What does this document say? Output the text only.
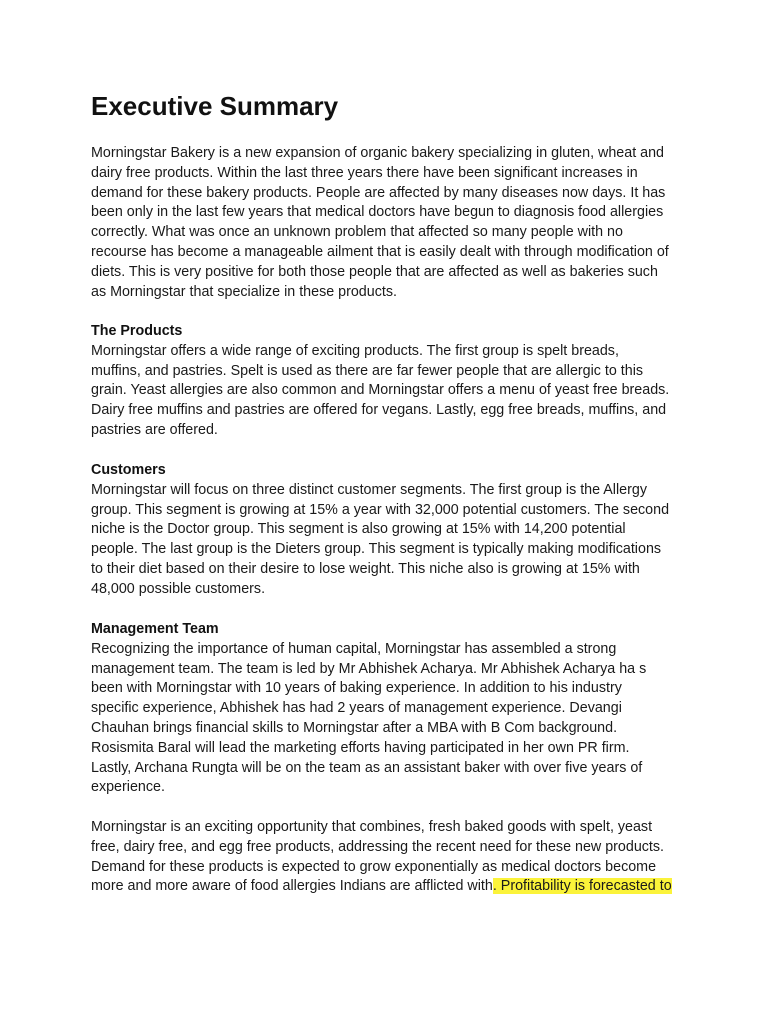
Executive Summary
Morningstar Bakery is a new expansion of organic bakery specializing in gluten, wheat and
dairy free products. Within the last three years there have been significant increases in
demand for these bakery products. People are affected by many diseases now days. It has
been only in the last few years that medical doctors have begun to diagnosis food allergies
correctly. What was once an unknown problem that affected so many people with no
recourse has become a manageable ailment that is easily dealt with through modification of
diets. This is very positive for both those people that are affected as well as bakeries such
as Morningstar that specialize in these products.
The Products
Morningstar offers a wide range of exciting products. The first group is spelt breads,
muffins, and pastries. Spelt is used as there are far fewer people that are allergic to this
grain. Yeast allergies are also common and Morningstar offers a menu of yeast free breads.
Dairy free muffins and pastries are offered for vegans. Lastly, egg free breads, muffins, and
pastries are offered.
Customers
Morningstar will focus on three distinct customer segments. The first group is the Allergy
group. This segment is growing at 15% a year with 32,000 potential customers. The second
niche is the Doctor group. This segment is also growing at 15% with 14,200 potential
people. The last group is the Dieters group. This segment is typically making modifications
to their diet based on their desire to lose weight. This niche also is growing at 15% with
48,000 possible customers.
Management Team
Recognizing the importance of human capital, Morningstar has assembled a strong
management team. The team is led by Mr Abhishek Acharya. Mr Abhishek Acharya ha s
been with Morningstar with 10 years of baking experience. In addition to his industry
specific experience, Abhishek has had 2 years of management experience. Devangi
Chauhan brings financial skills to Morningstar after a MBA with B Com background.
Rosismita Baral will lead the marketing efforts having participated in her own PR firm.
Lastly, Archana Rungta will be on the team as an assistant baker with over five years of
experience.
Morningstar is an exciting opportunity that combines, fresh baked goods with spelt, yeast
free, dairy free, and egg free products, addressing the recent need for these new products.
Demand for these products is expected to grow exponentially as medical doctors become
more and more aware of food allergies Indians are afflicted with. Profitability is forecasted to
